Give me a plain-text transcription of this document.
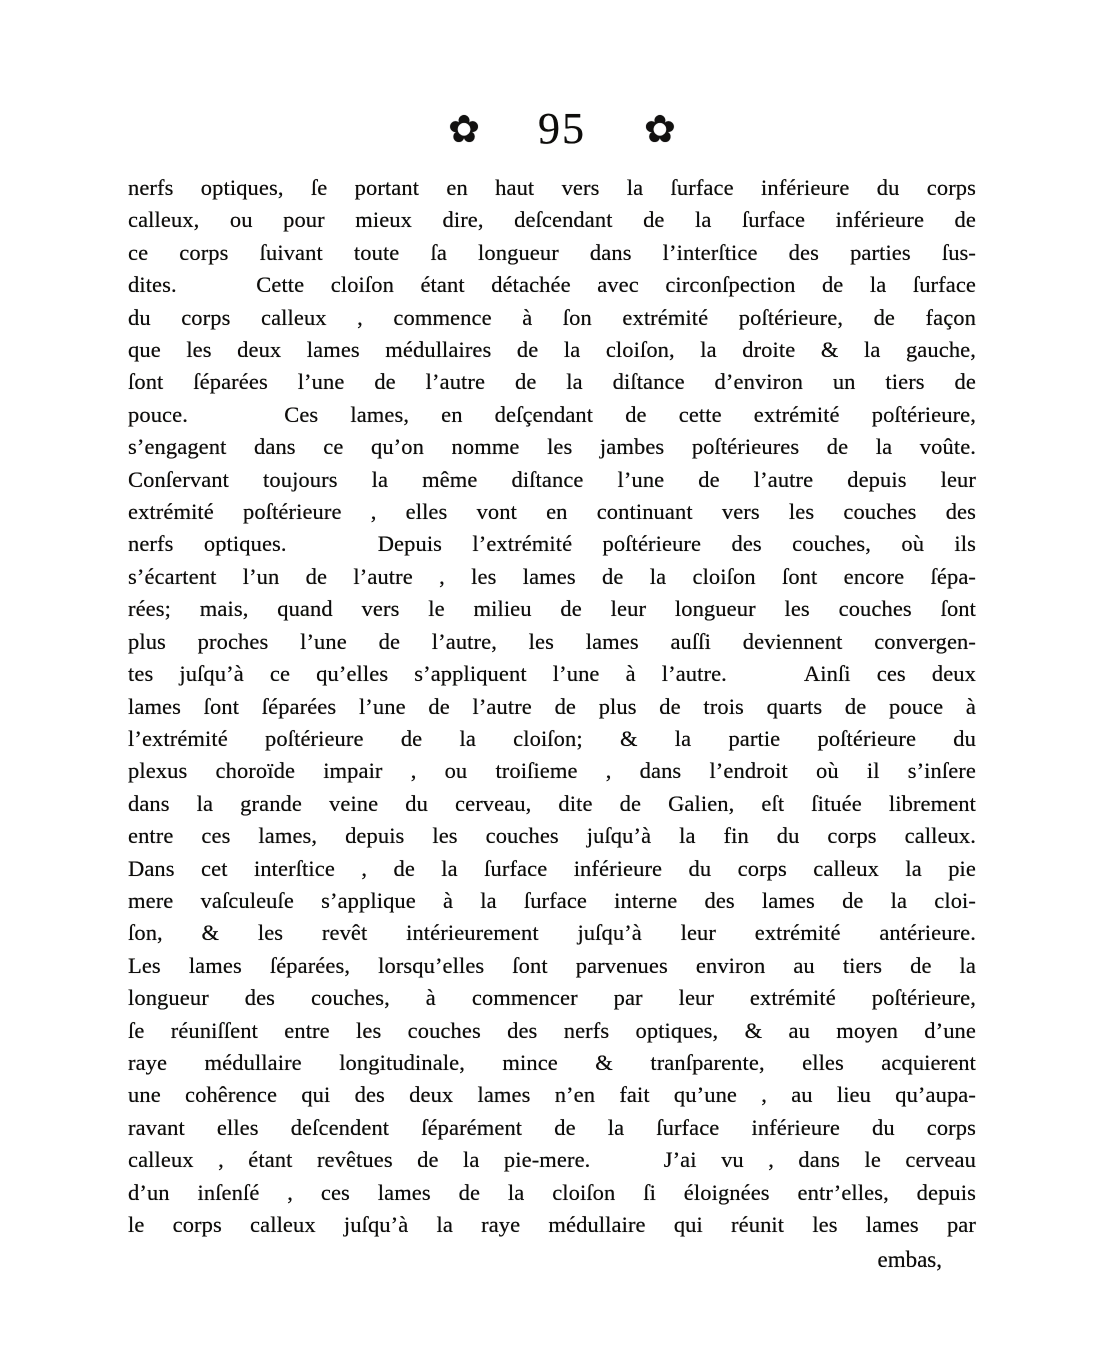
✿ 95 ✿
nerfs optiques, ſe portant en haut vers la ſurface inférieure du corps
calleux, ou pour mieux dire, deſcendant de la ſurface inférieure de
ce corps ſuivant toute ſa longueur dans l’interſtice des parties ſus-
dites.   Cette cloiſon étant détachée avec circonſpection de la ſurface
du corps calleux , commence à ſon extrémité poſtérieure, de façon
que les deux lames médullaires de la cloiſon, la droite & la gauche,
ſont ſéparées l’une de l’autre de la diſtance d’environ un tiers de
pouce.   Ces lames, en deſçendant de cette extrémité poſtérieure,
s’engagent dans ce qu’on nomme les jambes poſtérieures de la voûte.
Conſervant toujours la même diſtance l’une de l’autre depuis leur
extrémité poſtérieure , elles vont en continuant vers les couches des
nerfs optiques.   Depuis l’extrémité poſtérieure des couches, où ils
s’écartent l’un de l’autre , les lames de la cloiſon ſont encore ſépa-
rées; mais, quand vers le milieu de leur longueur les couches ſont
plus proches l’une de l’autre, les lames auſſi deviennent convergen-
tes juſqu’à ce qu’elles s’appliquent l’une à l’autre.   Ainſi ces deux
lames ſont ſéparées l’une de l’autre de plus de trois quarts de pouce à
l’extrémité poſtérieure de la cloiſon; & la partie poſtérieure du
plexus choroïde impair , ou troiſieme , dans l’endroit où il s’inſere
dans la grande veine du cerveau, dite de Galien, eſt ſituée librement
entre ces lames, depuis les couches juſqu’à la fin du corps calleux.
Dans cet interſtice , de la ſurface inférieure du corps calleux la pie
mere vaſculeuſe s’applique à la ſurface interne des lames de la cloi-
ſon, & les revêt intérieurement juſqu’à leur extrémité antérieure.
Les lames ſéparées, lorsqu’elles ſont parvenues environ au tiers de la
longueur des couches, à commencer par leur extrémité poſtérieure,
ſe réuniſſent entre les couches des nerfs optiques, & au moyen d’une
raye médullaire longitudinale, mince & tranſparente, elles acquierent
une cohêrence qui des deux lames n’en fait qu’une , au lieu qu’aupa-
ravant elles deſcendent ſéparément de la ſurface inférieure du corps
calleux , étant revêtues de la pie-mere.   J’ai vu , dans le cerveau
d’un inſenſé , ces lames de la cloiſon ſi éloignées entr’elles, depuis
le corps calleux juſqu’à la raye médullaire qui réunit les lames par
embas,
